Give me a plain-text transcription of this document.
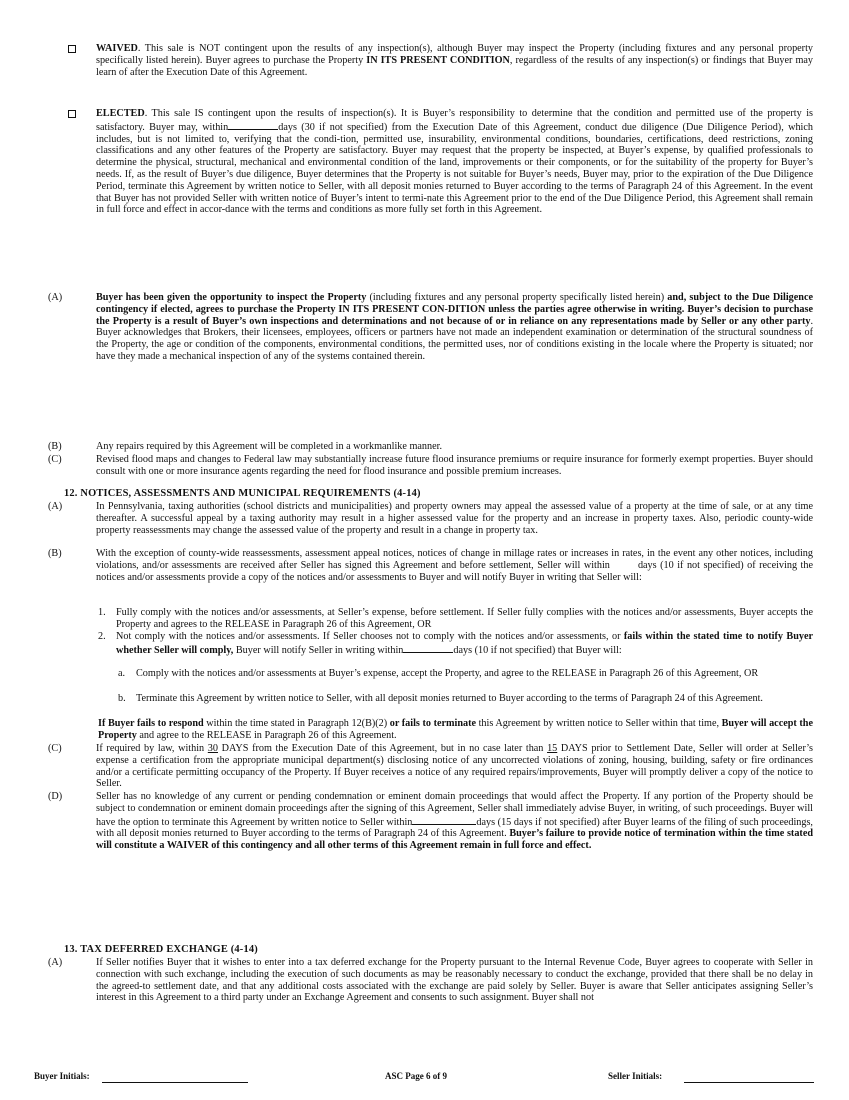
WAIVED. This sale is NOT contingent upon the results of any inspection(s), although Buyer may inspect the Property (including fixtures and any personal property specifically listed herein). Buyer agrees to purchase the Property IN ITS PRESENT CONDITION, regardless of the results of any inspection(s) or findings that Buyer may learn of after the Execution Date of this Agreement.
ELECTED. This sale IS contingent upon the results of inspection(s). It is Buyer’s responsibility to determine that the condition and permitted use of the property is satisfactory. Buyer may, within	days (30 if not specified) from the Execution Date of this Agreement, conduct due diligence (Due Diligence Period), which includes, but is not limited to, verifying that the condi-tion, permitted use, insurability, environmental conditions, boundaries, certifications, deed restrictions, zoning classifications and any other features of the Property are satisfactory. Buyer may request that the property be inspected, at Buyer’s expense, by qualified professionals to determine the physical, structural, mechanical and environmental condition of the land, improvements or their components, or for the suitability of the property for Buyer’s needs. If, as the result of Buyer’s due diligence, Buyer determines that the Property is not suitable for Buyer’s needs, Buyer may, prior to the expiration of the Due Diligence Period, terminate this Agreement by written notice to Seller, with all deposit monies returned to Buyer according to the terms of Paragraph 24 of this Agreement. In the event that Buyer has not provided Seller with written notice of Buyer’s intent to termi-nate this Agreement prior to the end of the Due Diligence Period, this Agreement shall remain in full force and effect in accor-dance with the terms and conditions as more fully set forth in this Agreement.
(A)	Buyer has been given the opportunity to inspect the Property (including fixtures and any personal property specifically listed herein) and, subject to the Due Diligence contingency if elected, agrees to purchase the Property IN ITS PRESENT CON-DITION unless the parties agree otherwise in writing. Buyer’s decision to purchase the Property is a result of Buyer’s own inspections and determinations and not because of or in reliance on any representations made by Seller or any other party. Buyer acknowledges that Brokers, their licensees, employees, officers or partners have not made an independent examination or determination of the structural soundness of the Property, the age or condition of the components, environmental conditions, the permitted uses, nor of conditions existing in the locale where the Property is situated; nor have they made a mechanical inspection of any of the systems contained therein.
(B)	Any repairs required by this Agreement will be completed in a workmanlike manner.
(C)	Revised flood maps and changes to Federal law may substantially increase future flood insurance premiums or require insurance for formerly exempt properties. Buyer should consult with one or more insurance agents regarding the need for flood insurance and possible premium increases.
12. NOTICES, ASSESSMENTS AND MUNICIPAL REQUIREMENTS (4-14)
(A)	In Pennsylvania, taxing authorities (school districts and municipalities) and property owners may appeal the assessed value of a property at the time of sale, or at any time thereafter. A successful appeal by a taxing authority may result in a higher assessed value for the property and an increase in property taxes. Also, periodic county-wide property reassessments may change the assessed value of the property and result in a change in property tax.
(B)	With the exception of county-wide reassessments, assessment appeal notices, notices of change in millage rates or increases in rates, in the event any other notices, including violations, and/or assessments are received after Seller has signed this Agreement and before settlement, Seller will within        days (10 if not specified) of receiving the notices and/or assessments provide a copy of the notices and/or assessments to Buyer and will notify Buyer in writing that Seller will:
1. Fully comply with the notices and/or assessments, at Seller’s expense, before settlement. If Seller fully complies with the notices and/or assessments, Buyer accepts the Property and agrees to the RELEASE in Paragraph 26 of this Agreement, OR
2. Not comply with the notices and/or assessments. If Seller chooses not to comply with the notices and/or assessments, or fails within the stated time to notify Buyer whether Seller will comply, Buyer will notify Seller in writing within	days (10 if not specified) that Buyer will:
a. Comply with the notices and/or assessments at Buyer’s expense, accept the Property, and agree to the RELEASE in Paragraph 26 of this Agreement, OR
b. Terminate this Agreement by written notice to Seller, with all deposit monies returned to Buyer according to the terms of Paragraph 24 of this Agreement.
If Buyer fails to respond within the time stated in Paragraph 12(B)(2) or fails to terminate this Agreement by written notice to Seller within that time, Buyer will accept the Property and agree to the RELEASE in Paragraph 26 of this Agreement.
(C)	If required by law, within 30 DAYS from the Execution Date of this Agreement, but in no case later than 15 DAYS prior to Settlement Date, Seller will order at Seller’s expense a certification from the appropriate municipal department(s) disclosing notice of any uncorrected violations of zoning, housing, building, safety or fire ordinances and/or a certificate permitting occupancy of the Property. If Buyer receives a notice of any required repairs/improvements, Buyer will promptly deliver a copy of the notice to Seller.
(D)	Seller has no knowledge of any current or pending condemnation or eminent domain proceedings that would affect the Property. If any portion of the Property should be subject to condemnation or eminent domain proceedings after the signing of this Agreement, Seller shall immediately advise Buyer, in writing, of such proceedings. Buyer will have the option to terminate this Agreement by written notice to Seller within	days (15 days if not specified) after Buyer learns of the filing of such proceedings, with all deposit monies returned to Buyer according to the terms of Paragraph 24 of this Agreement. Buyer’s failure to provide notice of termination within the time stated will constitute a WAIVER of this contingency and all other terms of this Agreement remain in full force and effect.
13. TAX DEFERRED EXCHANGE (4-14)
(A)	If Seller notifies Buyer that it wishes to enter into a tax deferred exchange for the Property pursuant to the Internal Revenue Code, Buyer agrees to cooperate with Seller in connection with such exchange, including the execution of such documents as may be reasonably necessary to conduct the exchange, provided that there shall be no delay in the agreed-to settlement date, and that any additional costs associated with the exchange are paid solely by Seller. Buyer is aware that Seller anticipates assigning Seller’s interest in this Agreement to a third party under an Exchange Agreement and consents to such assignment. Buyer shall not
Buyer Initials:	ASC Page 6 of 9	Seller Initials:
